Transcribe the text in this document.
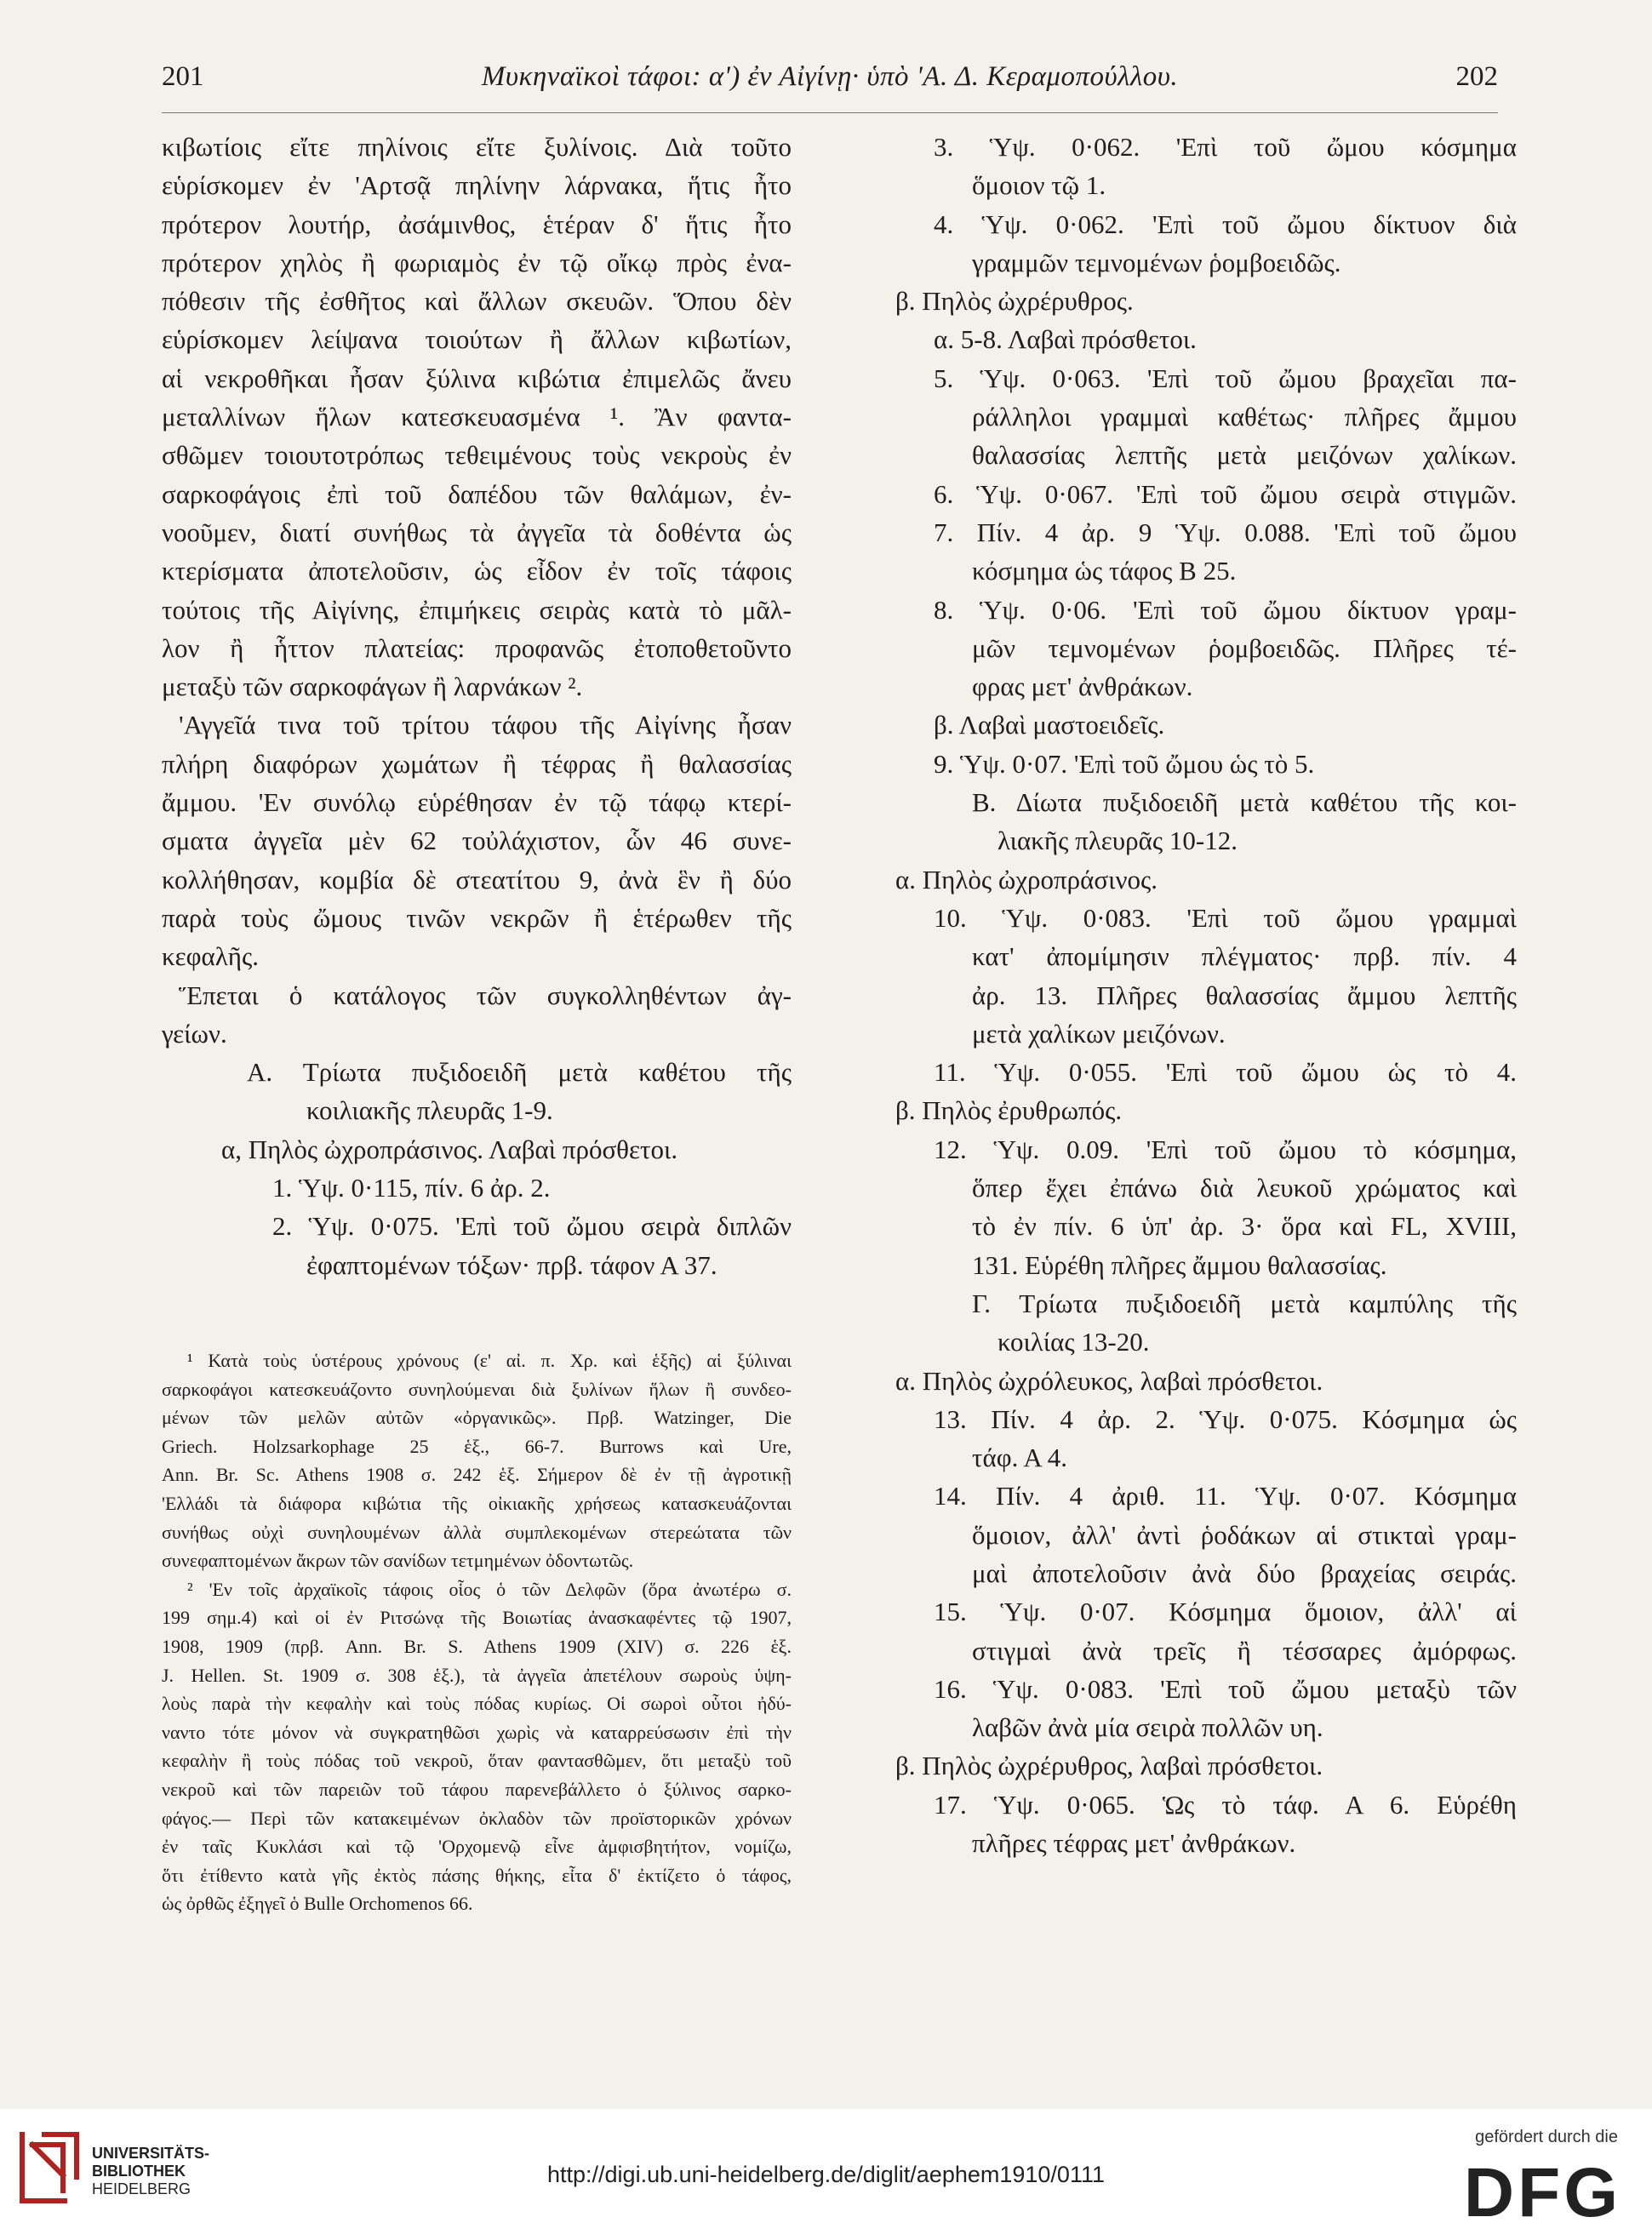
201	Μυκηναϊκοὶ τάφοι: α') ἐν Αἰγίνῃ· ὑπὸ 'Α. Δ. Κεραμοπούλλου.	202
κιβωτίοις εἴτε πηλίνοις εἴτε ξυλίνοις. Διὰ τοῦτο
εὑρίσκομεν ἐν 'Αρτσᾷ πηλίνην λάρνακα, ἥτις ἦτο
πρότερον λουτήρ, ἀσάμινθος, ἑτέραν δ' ἥτις ἦτο
πρότερον χηλὸς ἢ φωριαμὸς ἐν τῷ οἴκῳ πρὸς ἐνα-
πόθεσιν τῆς ἐσθῆτος καὶ ἄλλων σκευῶν. Ὅπου δὲν
εὑρίσκομεν λείψανα τοιούτων ἢ ἄλλων κιβωτίων,
αἱ νεκροθῆκαι ἦσαν ξύλινα κιβώτια ἐπιμελῶς ἄνευ
μεταλλίνων ἥλων κατεσκευασμένα ¹. Ἂν φαντα-
σθῶμεν τοιουτοτρόπως τεθειμένους τοὺς νεκροὺς ἐν
σαρκοφάγοις ἐπὶ τοῦ δαπέδου τῶν θαλάμων, ἐν-
νοοῦμεν, διατί συνήθως τὰ ἀγγεῖα τὰ δοθέντα ὡς
κτερίσματα ἀποτελοῦσιν, ὡς εἶδον ἐν τοῖς τάφοις
τούτοις τῆς Αἰγίνης, ἐπιμήκεις σειρὰς κατὰ τὸ μᾶλ-
λον ἢ ἧττον πλατείας: προφανῶς ἐτοποθετοῦντο
μεταξὺ τῶν σαρκοφάγων ἢ λαρνάκων ².
'Αγγεῖά τινα τοῦ τρίτου τάφου τῆς Αἰγίνης ἦσαν
πλήρη διαφόρων χωμάτων ἢ τέφρας ἢ θαλασσίας
ἄμμου. 'Εν συνόλῳ εὑρέθησαν ἐν τῷ τάφῳ κτερί-
σματα ἀγγεῖα μὲν 62 τοὐλάχιστον, ὧν 46 συνε-
κολλήθησαν, κομβία δὲ στεατίτου 9, ἀνὰ ἓν ἢ δύο
παρὰ τοὺς ὤμους τινῶν νεκρῶν ἢ ἑτέρωθεν τῆς
κεφαλῆς.
Ἕπεται ὁ κατάλογος τῶν συγκολληθέντων ἀγ-
γείων.
Α. Τρίωτα πυξιδοειδῆ μετὰ καθέτου τῆς
κοιλιακῆς πλευρᾶς 1-9.
α, Πηλὸς ὠχροπράσινος. Λαβαὶ πρόσθετοι.
1. Ὑψ. 0·115, πίν. 6 ἀρ. 2.
2. Ὑψ. 0·075. 'Επὶ τοῦ ὤμου σειρὰ διπλῶν
ἐφαπτομένων τόξων· πρβ. τάφον Α 37.
¹ Κατὰ τοὺς ὑστέρους χρόνους (ε' αἰ. π. Χρ. καὶ ἑξῆς) αἱ ξύλιναι
σαρκοφάγοι κατεσκευάζοντο συνηλούμεναι διὰ ξυλίνων ἥλων ἢ συνδεο-
μένων τῶν μελῶν αὐτῶν «ὀργανικῶς». Πρβ. Watzinger, Die
Griech. Holzsarkophage 25 ἑξ., 66-7. Burrows καὶ Ure,
Ann. Br. Sc. Athens 1908 σ. 242 ἑξ. Σήμερον δὲ ἐν τῇ ἀγροτικῇ
'Ελλάδι τὰ διάφορα κιβώτια τῆς οἰκιακῆς χρήσεως κατασκευάζονται
συνήθως οὐχὶ συνηλουμένων ἀλλὰ συμπλεκομένων στερεώτατα τῶν
συνεφαπτομένων ἄκρων τῶν σανίδων τετμημένων ὀδοντωτῶς.
² 'Εν τοῖς ἀρχαϊκοῖς τάφοις οἷος ὁ τῶν Δελφῶν (ὅρα ἀνωτέρω σ.
199 σημ.4) καὶ οἱ ἐν Ριτσώνᾳ τῆς Βοιωτίας ἀνασκαφέντες τῷ 1907,
1908, 1909 (πρβ. Ann. Br. S. Athens 1909 (XIV) σ. 226 ἑξ.
J. Hellen. St. 1909 σ. 308 ἑξ.), τὰ ἀγγεῖα ἀπετέλουν σωροὺς ὑψη-
λοὺς παρὰ τὴν κεφαλὴν καὶ τοὺς πόδας κυρίως. Οἱ σωροὶ οὗτοι ἠδύ-
ναντο τότε μόνον νὰ συγκρατηθῶσι χωρὶς νὰ καταρρεύσωσιν ἐπὶ τὴν
κεφαλὴν ἢ τοὺς πόδας τοῦ νεκροῦ, ὅταν φαντασθῶμεν, ὅτι μεταξὺ τοῦ
νεκροῦ καὶ τῶν παρειῶν τοῦ τάφου παρενεβάλλετο ὁ ξύλινος σαρκο-
φάγος.— Περὶ τῶν κατακειμένων ὀκλαδὸν τῶν προϊστορικῶν χρόνων
ἐν ταῖς Κυκλάσι καὶ τῷ 'Ορχομενῷ εἶνε ἀμφισβητήτον, νομίζω,
ὅτι ἐτίθεντο κατὰ γῆς ἐκτὸς πάσης θήκης, εἶτα δ' ἐκτίζετο ὁ τάφος,
ὡς ὀρθῶς ἐξηγεῖ ὁ Bulle Orchomenos 66.
3. Ὑψ. 0·062. 'Επὶ τοῦ ὤμου κόσμημα
ὅμοιον τῷ 1.
4. Ὑψ. 0·062. 'Επὶ τοῦ ὤμου δίκτυον διὰ
γραμμῶν τεμνομένων ῥομβοειδῶς.
β. Πηλὸς ὠχρέρυθρος.
α. 5-8. Λαβαὶ πρόσθετοι.
5. Ὑψ. 0·063. 'Επὶ τοῦ ὤμου βραχεῖαι πα-
ράλληλοι γραμμαὶ καθέτως· πλῆρες ἄμμου
θαλασσίας λεπτῆς μετὰ μειζόνων χαλίκων.
6. Ὑψ. 0·067. 'Επὶ τοῦ ὤμου σειρὰ στιγμῶν.
7. Πίν. 4 ἀρ. 9 Ὑψ. 0.088. 'Επὶ τοῦ ὤμου
κόσμημα ὡς τάφος Β 25.
8. Ὑψ. 0·06. 'Επὶ τοῦ ὤμου δίκτυον γραμ-
μῶν τεμνομένων ῥομβοειδῶς. Πλῆρες τέ-
φρας μετ' ἀνθράκων.
β. Λαβαὶ μαστοειδεῖς.
9. Ὑψ. 0·07. 'Επὶ τοῦ ὤμου ὡς τὸ 5.
Β. Δίωτα πυξιδοειδῆ μετὰ καθέτου τῆς κοι-
λιακῆς πλευρᾶς 10-12.
α. Πηλὸς ὠχροπράσινος.
10. Ὑψ. 0·083. 'Επὶ τοῦ ὤμου γραμμαὶ
κατ' ἀπομίμησιν πλέγματος· πρβ. πίν. 4
ἀρ. 13. Πλῆρες θαλασσίας ἄμμου λεπτῆς
μετὰ χαλίκων μειζόνων.
11. Ὑψ. 0·055. 'Επὶ τοῦ ὤμου ὡς τὸ 4.
β. Πηλὸς ἐρυθρωπός.
12. Ὑψ. 0.09. 'Επὶ τοῦ ὤμου τὸ κόσμημα,
ὅπερ ἔχει ἐπάνω διὰ λευκοῦ χρώματος καὶ
τὸ ἐν πίν. 6 ὑπ' ἀρ. 3· ὅρα καὶ FL, XVIII,
131. Εὑρέθη πλῆρες ἄμμου θαλασσίας.
Γ. Τρίωτα πυξιδοειδῆ μετὰ καμπύλης τῆς
κοιλίας 13-20.
α. Πηλὸς ὠχρόλευκος, λαβαὶ πρόσθετοι.
13. Πίν. 4 ἀρ. 2. Ὑψ. 0·075. Κόσμημα ὡς
τάφ. Α 4.
14. Πίν. 4 ἀριθ. 11. Ὑψ. 0·07. Κόσμημα
ὅμοιον, ἀλλ' ἀντὶ ῥοδάκων αἱ στικταὶ γραμ-
μαὶ ἀποτελοῦσιν ἀνὰ δύο βραχείας σειράς.
15. Ὑψ. 0·07. Κόσμημα ὅμοιον, ἀλλ' αἱ
στιγμαὶ ἀνὰ τρεῖς ἢ τέσσαρες ἀμόρφως.
16. Ὑψ. 0·083. 'Επὶ τοῦ ὤμου μεταξὺ τῶν
λαβῶν ἀνὰ μία σειρὰ πολλῶν υη.
β. Πηλὸς ὠχρέρυθρος, λαβαὶ πρόσθετοι.
17. Ὑψ. 0·065. Ὡς τὸ τάφ. Α 6. Εὑρέθη
πλῆρες τέφρας μετ' ἀνθράκων.
UNIVERSITÄTS-
BIBLIOTHEK
HEIDELBERG
http://digi.ub.uni-heidelberg.de/diglit/aephem1910/0111
gefördert durch die
DFG
